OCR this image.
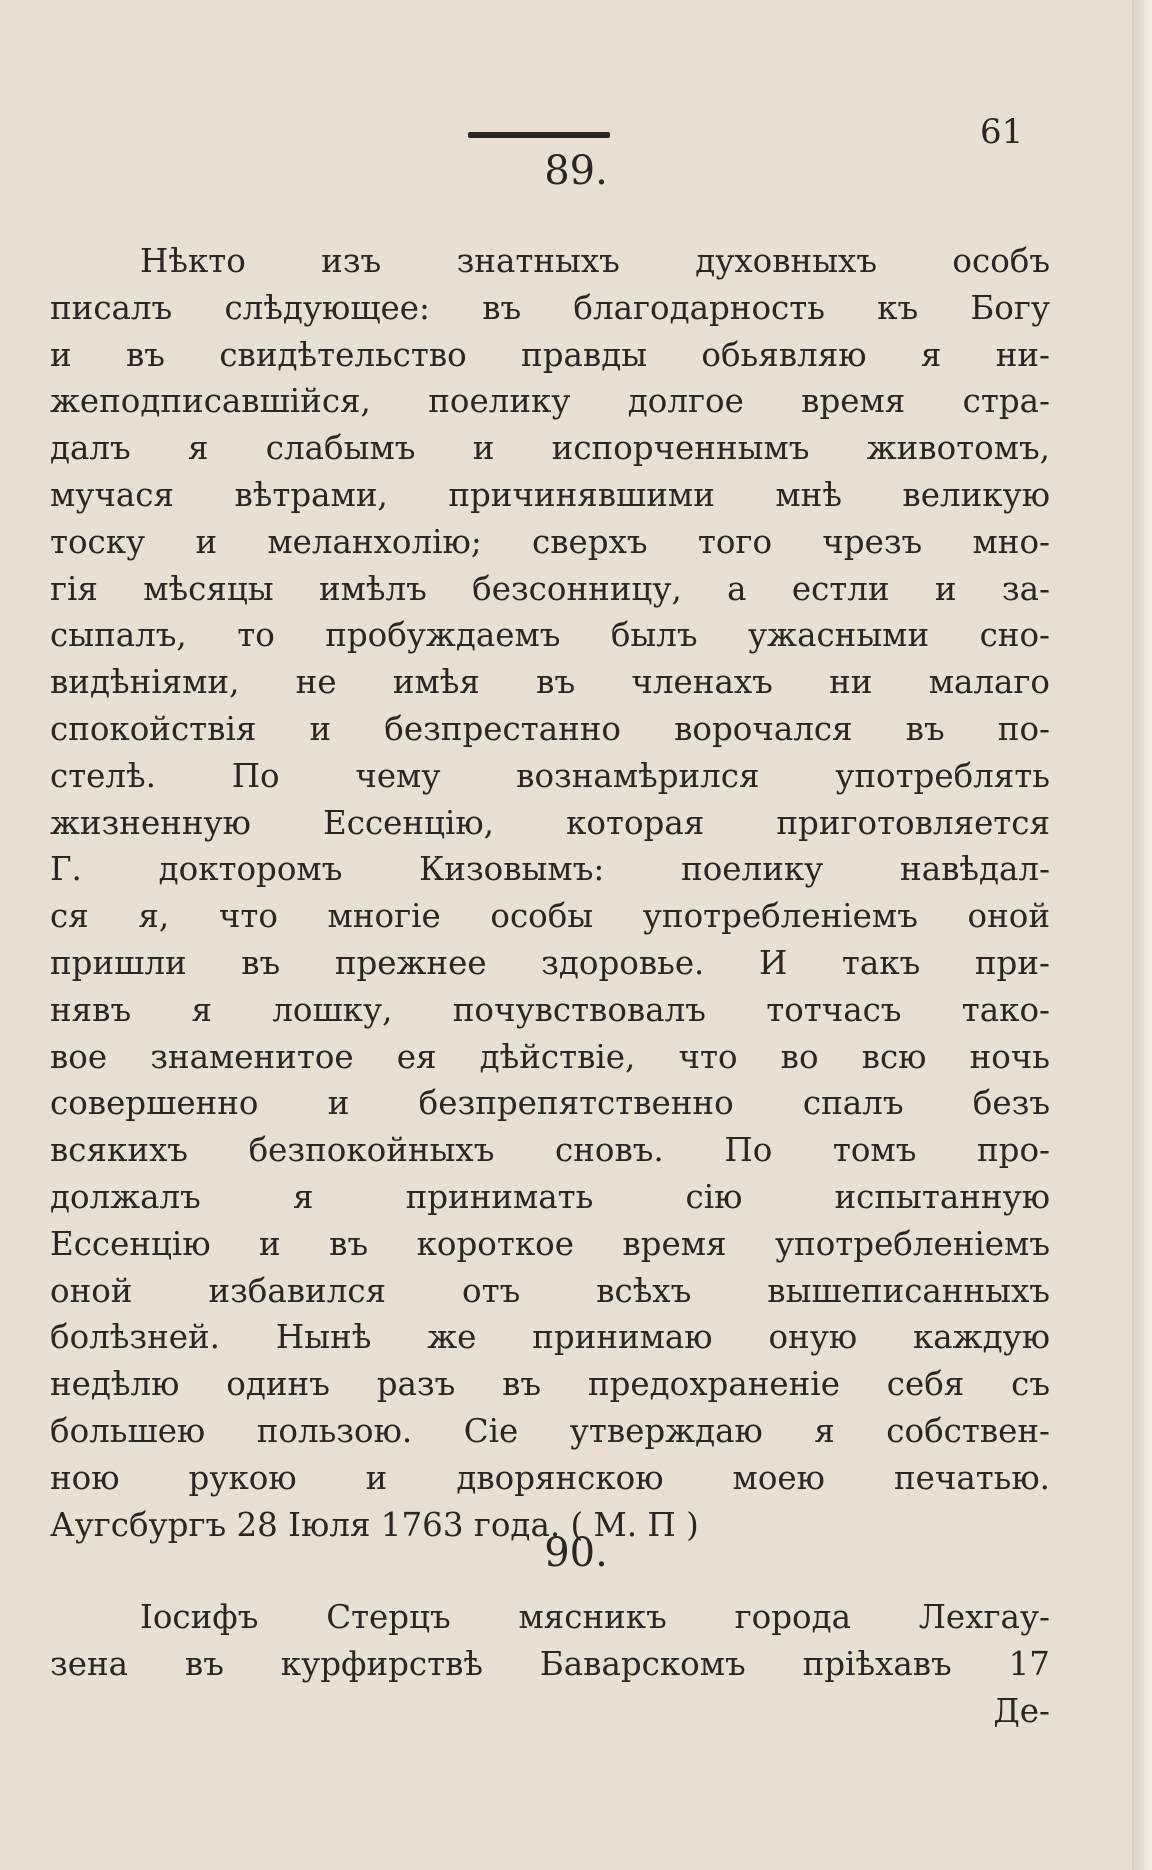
61
89.
Нѣкто изъ знатныхъ духовныхъ особъ
писалъ слѣдующее: въ благодарность къ Богу
и въ свидѣтельство правды обьявляю я ни-
жеподписавшійся, поелику долгое время стра-
далъ я слабымъ и испорченнымъ животомъ,
мучася вѣтрами, причинявшими мнѣ великую
тоску и меланхолію; сверхъ того чрезъ мно-
гія мѣсяцы имѣлъ безсонницу, а естли и за-
сыпалъ, то пробуждаемъ былъ ужасными сно-
видѣніями, не имѣя въ членахъ ни малаго
спокойствія и безпрестанно ворочался въ по-
стелѣ. По чему вознамѣрился употреблять
жизненную Ессенцію, которая приготовляется
Г. докторомъ Кизовымъ: поелику навѣдал-
ся я, что многіе особы употребленіемъ оной
пришли въ прежнее здоровье. И такъ при-
нявъ я лошку, почувствовалъ тотчасъ тако-
вое знаменитое ея дѣйствіе, что во всю ночь
совершенно и безпрепятственно спалъ безъ
всякихъ безпокойныхъ сновъ. По томъ про-
должалъ я принимать сію испытанную
Ессенцію и въ короткое время употребленіемъ
оной избавился отъ всѣхъ вышеписанныхъ
болѣзней. Нынѣ же принимаю оную каждую
недѣлю одинъ разъ въ предохраненіе себя съ
большею пользою. Сіе утверждаю я собствен-
ною рукою и дворянскою моею печатью.
Аугсбургъ 28 Іюля 1763 года. ( М. П )
90.
Іосифъ Стерцъ мясникъ города Лехгау-
зена въ курфирствѣ Баварскомъ пріѣхавъ 17
Де-
